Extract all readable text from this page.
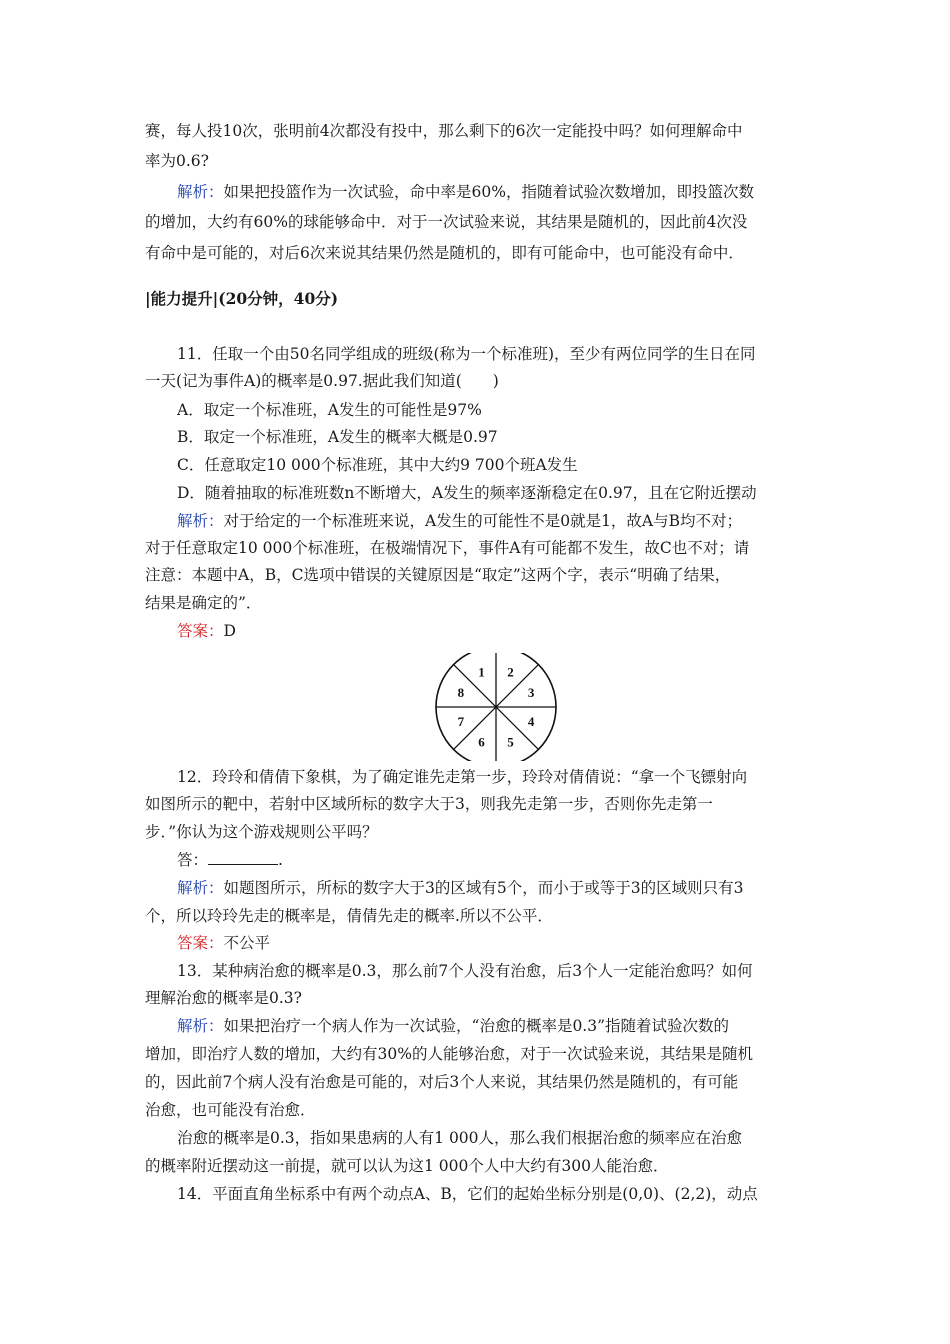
赛，每人投10次，张明前4次都没有投中，那么剩下的6次一定能投中吗？如何理解命中
率为0.6?
解析：如果把投篮作为一次试验，命中率是60%，指随着试验次数增加，即投篮次数
的增加，大约有60%的球能够命中．对于一次试验来说，其结果是随机的，因此前4次没
有命中是可能的，对后6次来说其结果仍然是随机的，即有可能命中，也可能没有命中．
|能力提升|(20分钟，40分)
11．任取一个由50名同学组成的班级(称为一个标准班)，至少有两位同学的生日在同
一天(记为事件A)的概率是0.97.据此我们知道(　　)
A．取定一个标准班，A发生的可能性是97%
B．取定一个标准班，A发生的概率大概是0.97
C．任意取定10 000个标准班，其中大约9 700个班A发生
D．随着抽取的标准班数n不断增大，A发生的频率逐渐稳定在0.97，且在它附近摆动
解析：对于给定的一个标准班来说，A发生的可能性不是0就是1，故A与B均不对；
对于任意取定10 000个标准班，在极端情况下，事件A有可能都不发生，故C也不对；请
注意：本题中A，B，C选项中错误的关键原因是“取定”这两个字，表示“明确了结果，
结果是确定的”．
答案：D
1 2
3
4
5
6
7
8
12．玲玲和倩倩下象棋，为了确定谁先走第一步，玲玲对倩倩说：“拿一个飞镖射向
如图所示的靶中，若射中区域所标的数字大于3，则我先走第一步，否则你先走第一
步．”你认为这个游戏规则公平吗？
答：	.
解析：如题图所示，所标的数字大于3的区域有5个，而小于或等于3的区域则只有3
个，所以玲玲先走的概率是，倩倩先走的概率.所以不公平．
答案：不公平
13．某种病治愈的概率是0.3，那么前7个人没有治愈，后3个人一定能治愈吗？如何
理解治愈的概率是0.3?
解析：如果把治疗一个病人作为一次试验，“治愈的概率是0.3”指随着试验次数的
增加，即治疗人数的增加，大约有30%的人能够治愈，对于一次试验来说，其结果是随机
的，因此前7个病人没有治愈是可能的，对后3个人来说，其结果仍然是随机的，有可能
治愈，也可能没有治愈．
治愈的概率是0.3，指如果患病的人有1 000人，那么我们根据治愈的频率应在治愈
的概率附近摆动这一前提，就可以认为这1 000个人中大约有300人能治愈．
14．平面直角坐标系中有两个动点A、B，它们的起始坐标分别是(0,0)、(2,2)，动点
